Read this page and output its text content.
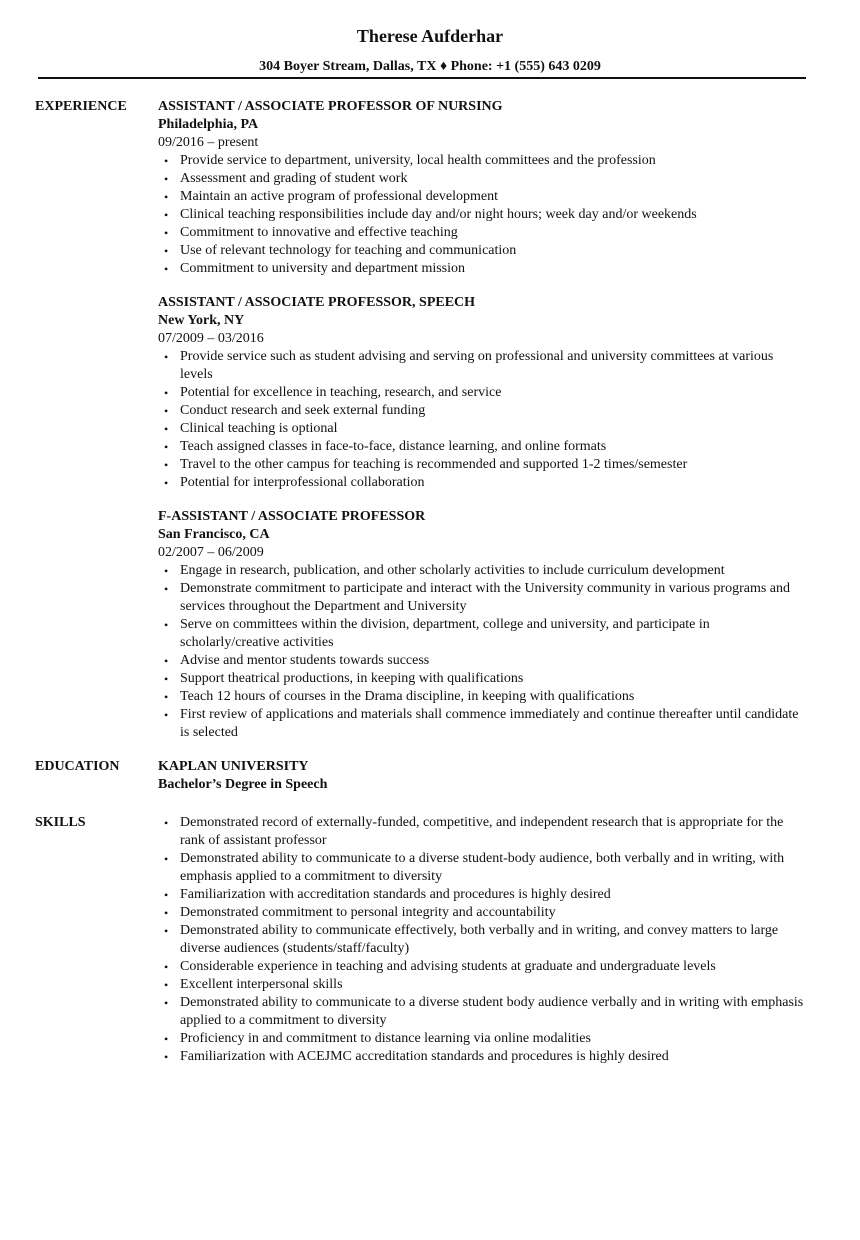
Therese Aufderhar
304 Boyer Stream, Dallas, TX ♦ Phone: +1 (555) 643 0209
EXPERIENCE ASSISTANT / ASSOCIATE PROFESSOR OF NURSING
Philadelphia, PA
09/2016 – present
• Provide service to department, university, local health committees and the profession
• Assessment and grading of student work
• Maintain an active program of professional development
• Clinical teaching responsibilities include day and/or night hours; week day and/or weekends
• Commitment to innovative and effective teaching
• Use of relevant technology for teaching and communication
• Commitment to university and department mission
ASSISTANT / ASSOCIATE PROFESSOR, SPEECH
New York, NY
07/2009 – 03/2016
• Provide service such as student advising and serving on professional and university committees at various levels
• Potential for excellence in teaching, research, and service
• Conduct research and seek external funding
• Clinical teaching is optional
• Teach assigned classes in face-to-face, distance learning, and online formats
• Travel to the other campus for teaching is recommended and supported 1-2 times/semester
• Potential for interprofessional collaboration
F-ASSISTANT / ASSOCIATE PROFESSOR
San Francisco, CA
02/2007 – 06/2009
• Engage in research, publication, and other scholarly activities to include curriculum development
• Demonstrate commitment to participate and interact with the University community in various programs and services throughout the Department and University
• Serve on committees within the division, department, college and university, and participate in scholarly/creative activities
• Advise and mentor students towards success
• Support theatrical productions, in keeping with qualifications
• Teach 12 hours of courses in the Drama discipline, in keeping with qualifications
• First review of applications and materials shall commence immediately and continue thereafter until candidate is selected
EDUCATION	KAPLAN UNIVERSITY
Bachelor’s Degree in Speech
SKILLS
•	Demonstrated record of externally-funded, competitive, and independent research that is appropriate for the rank of assistant professor
• Demonstrated ability to communicate to a diverse student-body audience, both verbally and in writing, with emphasis applied to a commitment to diversity
• Familiarization with accreditation standards and procedures is highly desired
• Demonstrated commitment to personal integrity and accountability
• Demonstrated ability to communicate effectively, both verbally and in writing, and convey matters to large diverse audiences (students/staff/faculty)
• Considerable experience in teaching and advising students at graduate and undergraduate levels
• Excellent interpersonal skills
• Demonstrated ability to communicate to a diverse student body audience verbally and in writing with emphasis applied to a commitment to diversity
• Proficiency in and commitment to distance learning via online modalities
• Familiarization with ACEJMC accreditation standards and procedures is highly desired
